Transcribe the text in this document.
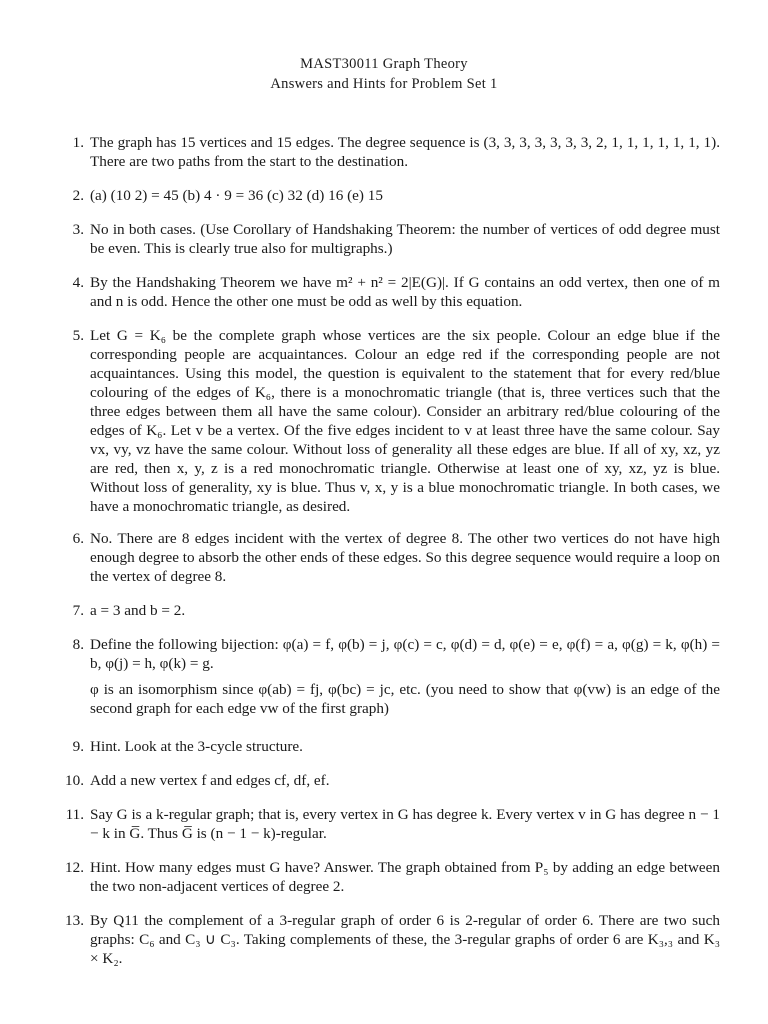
MAST30011 Graph Theory
Answers and Hints for Problem Set 1
1. The graph has 15 vertices and 15 edges. The degree sequence is (3, 3, 3, 3, 3, 3, 3, 2, 1, 1, 1, 1, 1, 1, 1). There are two paths from the start to the destination.

2. (a) (10 2) = 45 (b) 4 · 9 = 36 (c) 32 (d) 16 (e) 15

3. No in both cases. (Use Corollary of Handshaking Theorem: the number of vertices of odd degree must be even. This is clearly true also for multigraphs.)

4. By the Handshaking Theorem we have m² + n² = 2|E(G)|. If G contains an odd vertex, then one of m and n is odd. Hence the other one must be odd as well by this equation.

5. Let G = K₆ be the complete graph whose vertices are the six people. Colour an edge blue if the corresponding people are acquaintances. Colour an edge red if the corresponding people are not acquaintances. Using this model, the question is equivalent to the statement that for every red/blue colouring of the edges of K₆, there is a monochromatic triangle (that is, three vertices such that the three edges between them all have the same colour). Consider an arbitrary red/blue colouring of the edges of K₆. Let v be a vertex. Of the five edges incident to v at least three have the same colour. Say vx, vy, vz have the same colour. Without loss of generality all these edges are blue. If all of xy, xz, yz are red, then x, y, z is a red monochromatic triangle. Otherwise at least one of xy, xz, yz is blue. Without loss of generality, xy is blue. Thus v, x, y is a blue monochromatic triangle. In both cases, we have a monochromatic triangle, as desired.

6. No. There are 8 edges incident with the vertex of degree 8. The other two vertices do not have high enough degree to absorb the other ends of these edges. So this degree sequence would require a loop on the vertex of degree 8.

7. a = 3 and b = 2.

8. Define the following bijection: φ(a) = f, φ(b) = j, φ(c) = c, φ(d) = d, φ(e) = e, φ(f) = a, φ(g) = k, φ(h) = b, φ(j) = h, φ(k) = g.

φ is an isomorphism since φ(ab) = fj, φ(bc) = jc, etc. (you need to show that φ(vw) is an edge of the second graph for each edge vw of the first graph)

9. Hint. Look at the 3-cycle structure.

10. Add a new vertex f and edges cf, df, ef.

11. Say G is a k-regular graph; that is, every vertex in G has degree k. Every vertex v in G has degree n − 1 − k in G̅. Thus G̅ is (n − 1 − k)-regular.

12. Hint. How many edges must G have? Answer. The graph obtained from P₅ by adding an edge between the two non-adjacent vertices of degree 2.

13. By Q11 the complement of a 3-regular graph of order 6 is 2-regular of order 6. There are two such graphs: C₆ and C₃ ∪ C₃. Taking complements of these, the 3-regular graphs of order 6 are K₃,₃ and K₃ × K₂.
